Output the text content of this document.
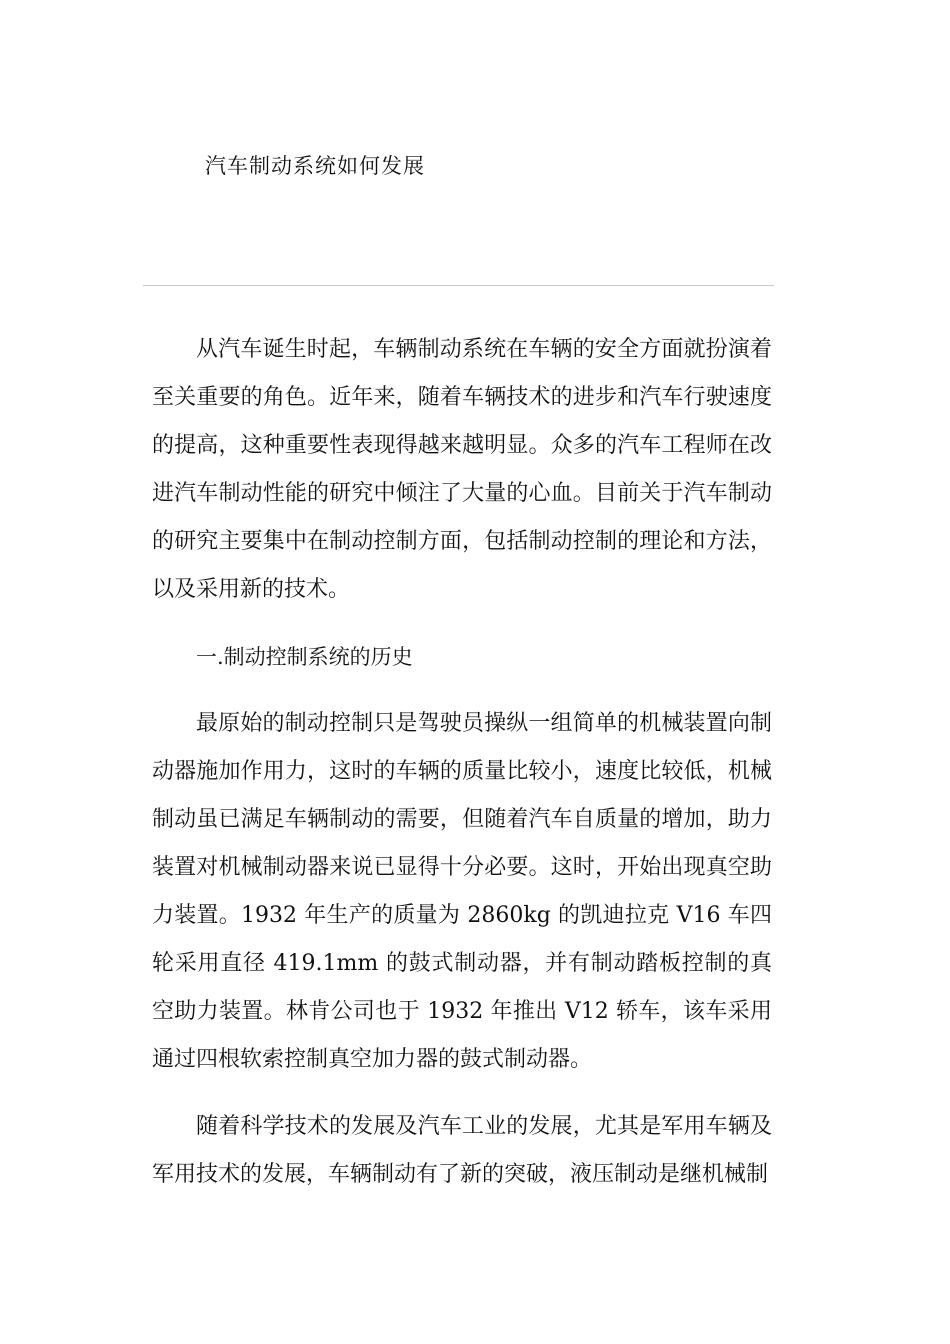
汽车制动系统如何发展

从汽车诞生时起，车辆制动系统在车辆的安全方面就扮演着至关重要的角色。近年来，随着车辆技术的进步和汽车行驶速度的提高，这种重要性表现得越来越明显。众多的汽车工程师在改进汽车制动性能的研究中倾注了大量的心血。目前关于汽车制动的研究主要集中在制动控制方面，包括制动控制的理论和方法，以及采用新的技术。

一.制动控制系统的历史

最原始的制动控制只是驾驶员操纵一组简单的机械装置向制动器施加作用力，这时的车辆的质量比较小，速度比较低，机械制动虽已满足车辆制动的需要，但随着汽车自质量的增加，助力装置对机械制动器来说已显得十分必要。这时，开始出现真空助力装置。1932 年生产的质量为 2860kg 的凯迪拉克 V16 车四轮采用直径 419.1mm 的鼓式制动器，并有制动踏板控制的真空助力装置。林肯公司也于 1932 年推出 V12 轿车，该车采用通过四根软索控制真空加力器的鼓式制动器。

随着科学技术的发展及汽车工业的发展，尤其是军用车辆及军用技术的发展，车辆制动有了新的突破，液压制动是继机械制
